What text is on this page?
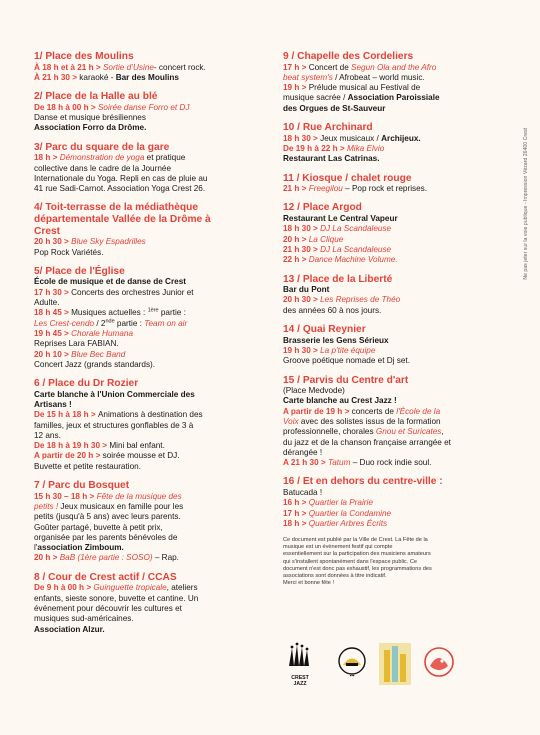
1/ Place des Moulins
À 18 h et à 21 h > Sortie d’Usine- concert rock.
À 21 h 30 > karaoké - Bar des Moulins
2/ Place de la Halle au blé
De 18 h à 00 h > Soirée danse Forro et DJ
Danse et musique brésiliennes
Association Forro da Drôme.
3/ Parc du square de la gare
18 h > Démonstration de yoga et pratique
collective dans le cadre de la Journée
Internationale du Yoga. Repli en cas de pluie au
41 rue Sadi-Carnot. Association Yoga Crest 26.
4/ Toit-terrasse de la médiathèque
départementale Vallée de la Drôme à
Crest
20 h 30 > Blue Sky Espadrilles
Pop Rock Variétés.
5/ Place de l'Église
École de musique et de danse de Crest
17 h 30 > Concerts des orchestres Junior et
Adulte.
18 h 45 > Musiques actuelles : $^{1ère}$ partie :
Les Crest-cendo / 2nde partie : Team on air
19 h 45 > Chorale Humana
Reprises Lara FABIAN.
20 h 10 > Blue Bec Band
Concert Jazz (grands standards).
6 / Place du Dr Rozier
Carte blanche à l'Union Commerciale des
Artisans !
De 15 h à 18 h > Animations à destination des
familles, jeux et structures gonflables de 3 à
12 ans.
De 18 h à 19 h 30 > Mini bal enfant.
A partir de 20 h > soirée mousse et DJ.
Buvette et petite restauration.
7 / Parc du Bosquet
15 h 30 – 18 h > Fête de la musique des
petits ! Jeux musicaux en famille pour les
petits (jusqu'à 5 ans) avec leurs parents.
Goûter partagé, buvette à petit prix,
organisée par les parents bénévoles de
l'association Zimboum.
20 h > BaB (1ère partie : SOSO) – Rap.
8 / Cour de Crest actif / CCAS
De 9 h à 00 h > Guinguette tropicale, ateliers
enfants, sieste sonore, buvette et cantine. Un
événement pour découvrir les cultures et
musiques sud-américaines.
Association Alzur.
9 / Chapelle des Cordeliers
17 h > Concert de Segun Ola and the Afro
beat system's / Afrobeat – world music.
19 h > Prélude musical au Festival de
musique sacrée / Association Paroissiale
des Orgues de St-Sauveur
10 / Rue Archinard
18 h 30 > Jeux musicaux / Archijeux.
De 19 h à 22 h > Mika Elvio
Restaurant Las Catrinas.
11 / Kiosque / chalet rouge
21 h > Freegilou – Pop rock et reprises.
12 / Place Argod
Restaurant Le Central Vapeur
18 h 30 > DJ La Scandaleuse
20 h > La Clique
21 h 30 > DJ La Scandaleuse
22 h > Dance Machine Volume.
13 / Place de la Liberté
Bar du Pont
20 h 30 > Les Reprises de Théo
des années 60 à nos jours.
14 / Quai Reynier
Brasserie les Gens Sérieux
19 h 30 > La p'tite équipe
Groove poétique nomade et Dj set.
15 / Parvis du Centre d'art
(Place Medvode)
Carte blanche au Crest Jazz !
A partir de 19 h > concerts de l'École de la
Voix avec des solistes issus de la formation
professionnelle, chorales Gnou et Suricates,
du jazz et de la chanson française arrangée et
dérangée !
A 21 h 30 > Tatum – Duo rock indie soul.
16 / Et en dehors du centre-ville :
Batucada !
16 h > Quartier la Prairie
17 h > Quartier la Condamine
18 h > Quartier Arbres Écrits
Ce document est publié par la Ville de Crest. La Fête de la
musique est un évènement festif qui compte
essentiellement sur la participation des musiciens amateurs
qui s'installent spontanément dans l'espace public. Ce
document n'est donc pas exhaustif, les programmations des
associations sont données à titre indicatif.
Merci et bonne fête !
Ne pas jeter sur la voie publique - Impression Vézard 26400 Crest
CREST
JAZZ
▪▪▪
